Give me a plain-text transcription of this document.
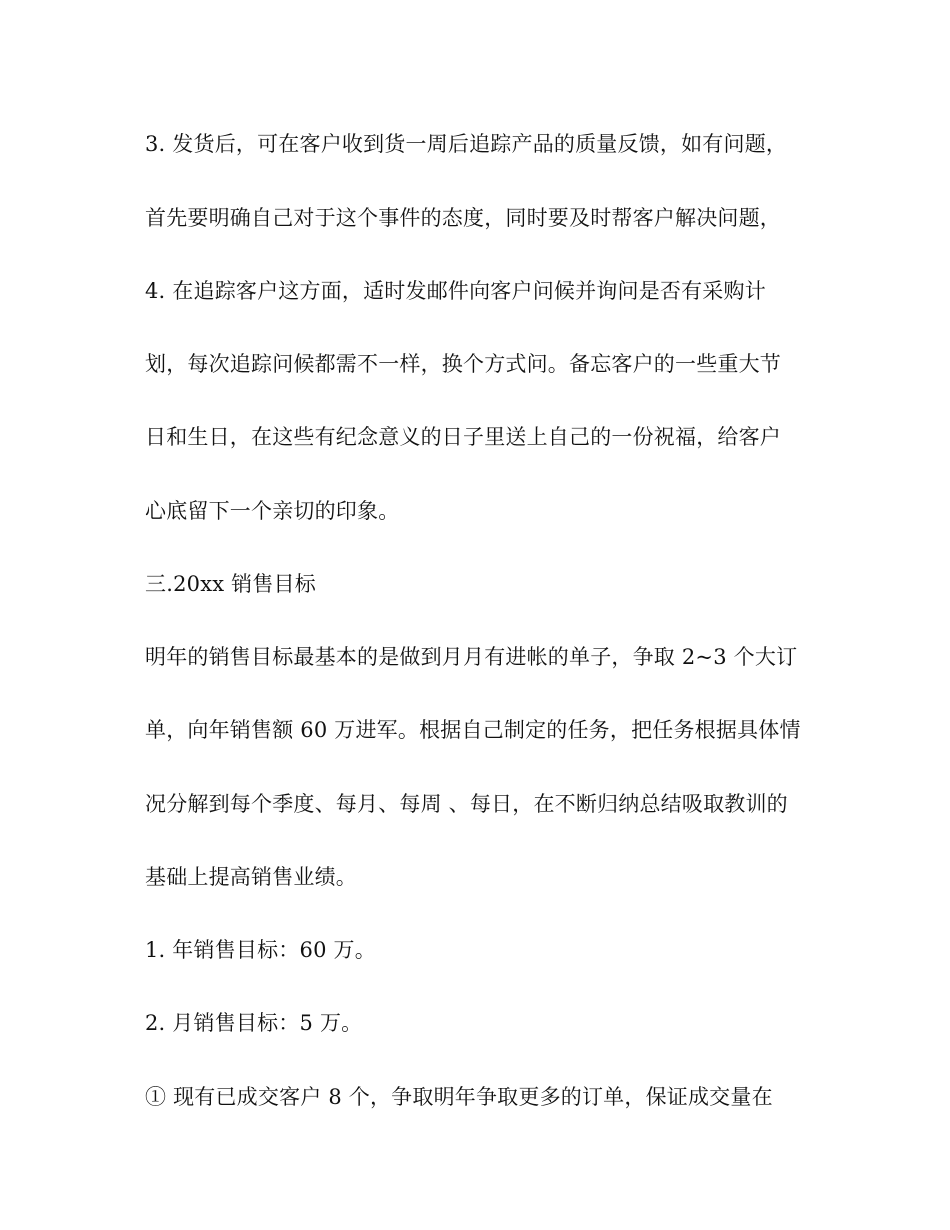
3. 发货后，可在客户收到货一周后追踪产品的质量反馈，如有问题，
首先要明确自己对于这个事件的态度，同时要及时帮客户解决问题，
4. 在追踪客户这方面，适时发邮件向客户问候并询问是否有采购计
划，每次追踪问候都需不一样，换个方式问。备忘客户的一些重大节
日和生日，在这些有纪念意义的日子里送上自己的一份祝福，给客户
心底留下一个亲切的印象。
三.20xx 销售目标
明年的销售目标最基本的是做到月月有进帐的单子，争取 2~3 个大订
单，向年销售额 60 万进军。根据自己制定的任务，把任务根据具体情
况分解到每个季度、每月、每周 、每日，在不断归纳总结吸取教训的
基础上提高销售业绩。
1. 年销售目标：60 万。
2. 月销售目标：5 万。
① 现有已成交客户 8 个，争取明年争取更多的订单，保证成交量在
